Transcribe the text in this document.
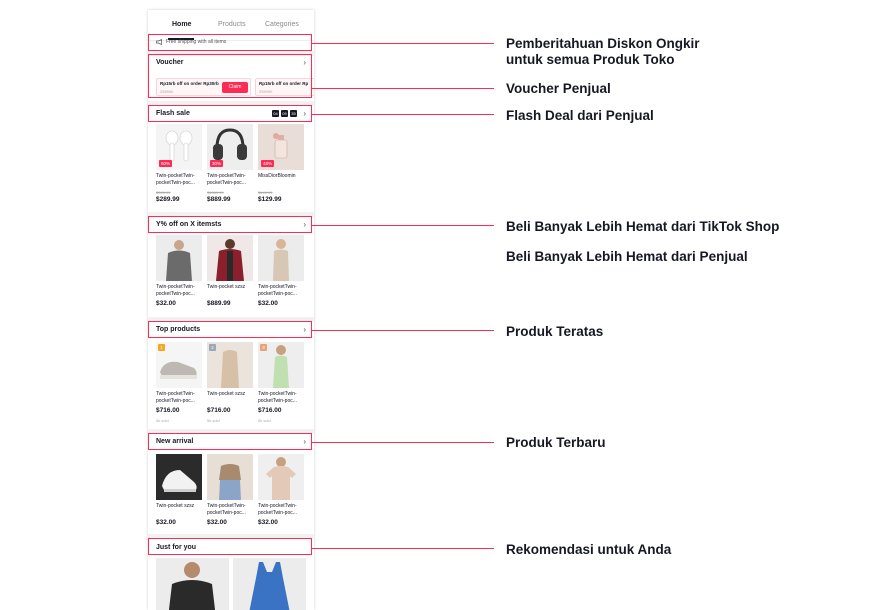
Home	Products	Categories
Free shipping with all items
Voucher	›
Rp15rb off on order Rp30rb
255990
Claim
Rp15rb off on order Rp
255990
Flash sale	04	09	35 ›
60%
Twin-pocketTwin-pocketTwin-poc...
$309.99
$289.99
30%
Twin-pocketTwin-pocketTwin-poc...
$1069.99
$889.99
48%
MissDiorBloomin
$149.99
$129.99
Y% off on X itemsts	›
Twin-pocketTwin-pocketTwin-poc...
$32.00
Twin-pocket szsz
$889.99
Twin-pocketTwin-pocketTwin-poc...
$32.00
Top products	›
1
Twin-pocketTwin-pocketTwin-poc...
$716.00
5k sold
2
Twin-pocket szsz
$716.00
5k sold
3
Twin-pocketTwin-pocketTwin-poc...
$716.00
5k sold
New arrival	›
Twin-pocket szsz
$32.00
Twin-pocketTwin-pocketTwin-poc...
$32.00
Twin-pocketTwin-pocketTwin-poc...
$32.00
Just for you
Pemberitahuan Diskon Ongkir
untuk semua Produk Toko
Voucher Penjual
Flash Deal dari Penjual
Beli Banyak Lebih Hemat dari TikTok Shop
Beli Banyak Lebih Hemat dari Penjual
Produk Teratas
Produk Terbaru
Rekomendasi untuk Anda
